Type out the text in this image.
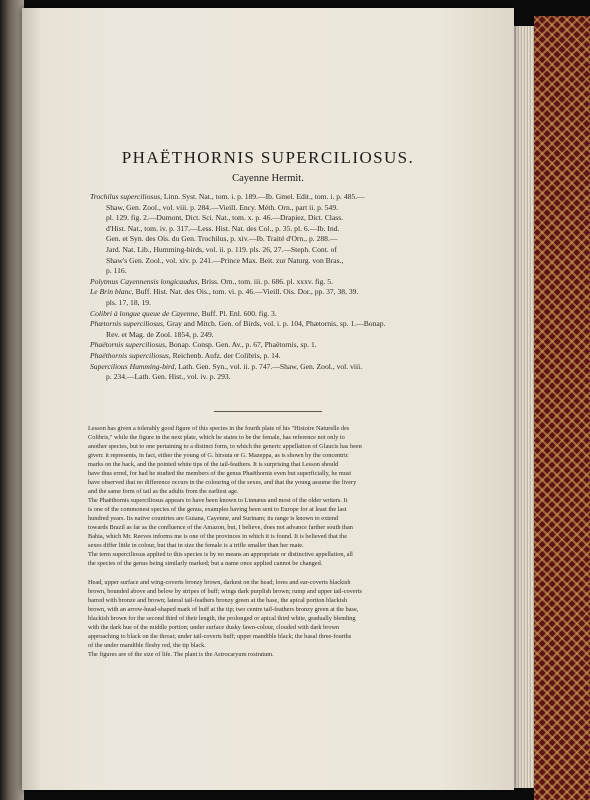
PHAËTHORNIS SUPERCILIOSUS.
Cayenne Hermit.

Trochilus superciliosus, Linn. Syst. Nat., tom. i. p. 189.—Ib. Gmel. Edit., tom. i. p. 485.—
Shaw, Gen. Zool., vol. viii. p. 284.—Vieill. Ency. Méth. Orn., part ii. p. 549.
pl. 129. fig. 2.—Dumont, Dict. Sci. Nat., tom. x. p. 46.—Drapiez, Dict. Class.
d'Hist. Nat., tom. iv. p. 317.—Less. Hist. Nat. des Col., p. 35. pl. 6.—Ib. Ind.
Gen. et Syn. des Ois. du Gen. Trochilus, p. xiv.—Ib. Traité d'Orn., p. 288.—
Jard. Nat. Lib., Humming-birds, vol. ii. p. 119. pls. 26, 27.—Steph. Cont. of
Shaw's Gen. Zool., vol. xiv. p. 241.—Prince Max. Beit. zur Naturg. von Bras.,
p. 116.

Polytmus Cayennensis longicaudus, Briss. Orn., tom. iii. p. 686. pl. xxxv. fig. 5.

Le Brin blanc, Buff. Hist. Nat. des Ois., tom. vi. p. 46.—Vieill. Ois. Dor., pp. 37, 38, 39.
pls. 17, 18, 19.

Colibri à longue queue de Cayenne, Buff. Pl. Enl. 600. fig. 3.

Phætornis superciliosus, Gray and Mitch. Gen. of Birds, vol. i. p. 104, Phætornis, sp. 1.—Bonap.
Rev. et Mag. de Zool. 1854, p. 249.

Phaëtornis superciliosus, Bonap. Consp. Gen. Av., p. 67, Phaëtornis, sp. 1.

Phaëthornis superciliosus, Reichenb. Aufz. der Colibris, p. 14.

Supercilious Humming-bird, Lath. Gen. Syn., vol. ii. p. 747.—Shaw, Gen. Zool., vol. viii.
p. 234.—Lath. Gen. Hist., vol. iv. p. 293.

Lesson has given a tolerably good figure of this species in the fourth plate of his "Histoire Naturelle des
Colibris," while the figure in the next plate, which he states to be the female, has reference not only to
another species, but to one pertaining to a distinct form, to which the generic appellation of Glaucis has been
given: it represents, in fact, either the young of G. hirsuta or G. Mazeppa, as is shown by the concentric
marks on the back, and the pointed white tips of the tail-feathers. It is surprising that Lesson should
have thus erred, for had he studied the members of the genus Phaëthornis even but superficially, he must
have observed that no difference occurs in the colouring of the sexes, and that the young assume the livery
and the same form of tail as the adults from the earliest age.

The Phaëthornis superciliosus appears to have been known to Linnæus and most of the older writers. It
is one of the commonest species of the genus, examples having been sent to Europe for at least the last
hundred years. Its native countries are Guiana, Cayenne, and Surinam; its range is known to extend
towards Brazil as far as the confluence of the Amazon, but, I believe, does not advance farther south than
Bahia, which Mr. Reeves informs me is one of the provinces in which it is found. It is believed that the
sexes differ little in colour, but that in size the female is a trifle smaller than her mate.

The term superciliosus applied to this species is by no means an appropriate or distinctive appellation, all
the species of the genus being similarly marked; but a name once applied cannot be changed.

Head, upper surface and wing-coverts bronzy brown, darkest on the head; lores and ear-coverts blackish
brown, bounded above and below by stripes of buff; wings dark purplish brown; rump and upper tail-coverts
barred with bronze and brown; lateral tail-feathers bronzy green at the base, the apical portion blackish
brown, with an arrow-head-shaped mark of buff at the tip; two centre tail-feathers bronzy green at the base,
blackish brown for the second third of their length, the prolonged or apical third white, gradually blending
with the dark hue of the middle portion; under surface dusky fawn-colour, clouded with dark brown
approaching to black on the throat; under tail-coverts buff; upper mandible black; the basal three-fourths
of the under mandible fleshy red, the tip black.

The figures are of the size of life. The plant is the Astrocaryum rostratum.
